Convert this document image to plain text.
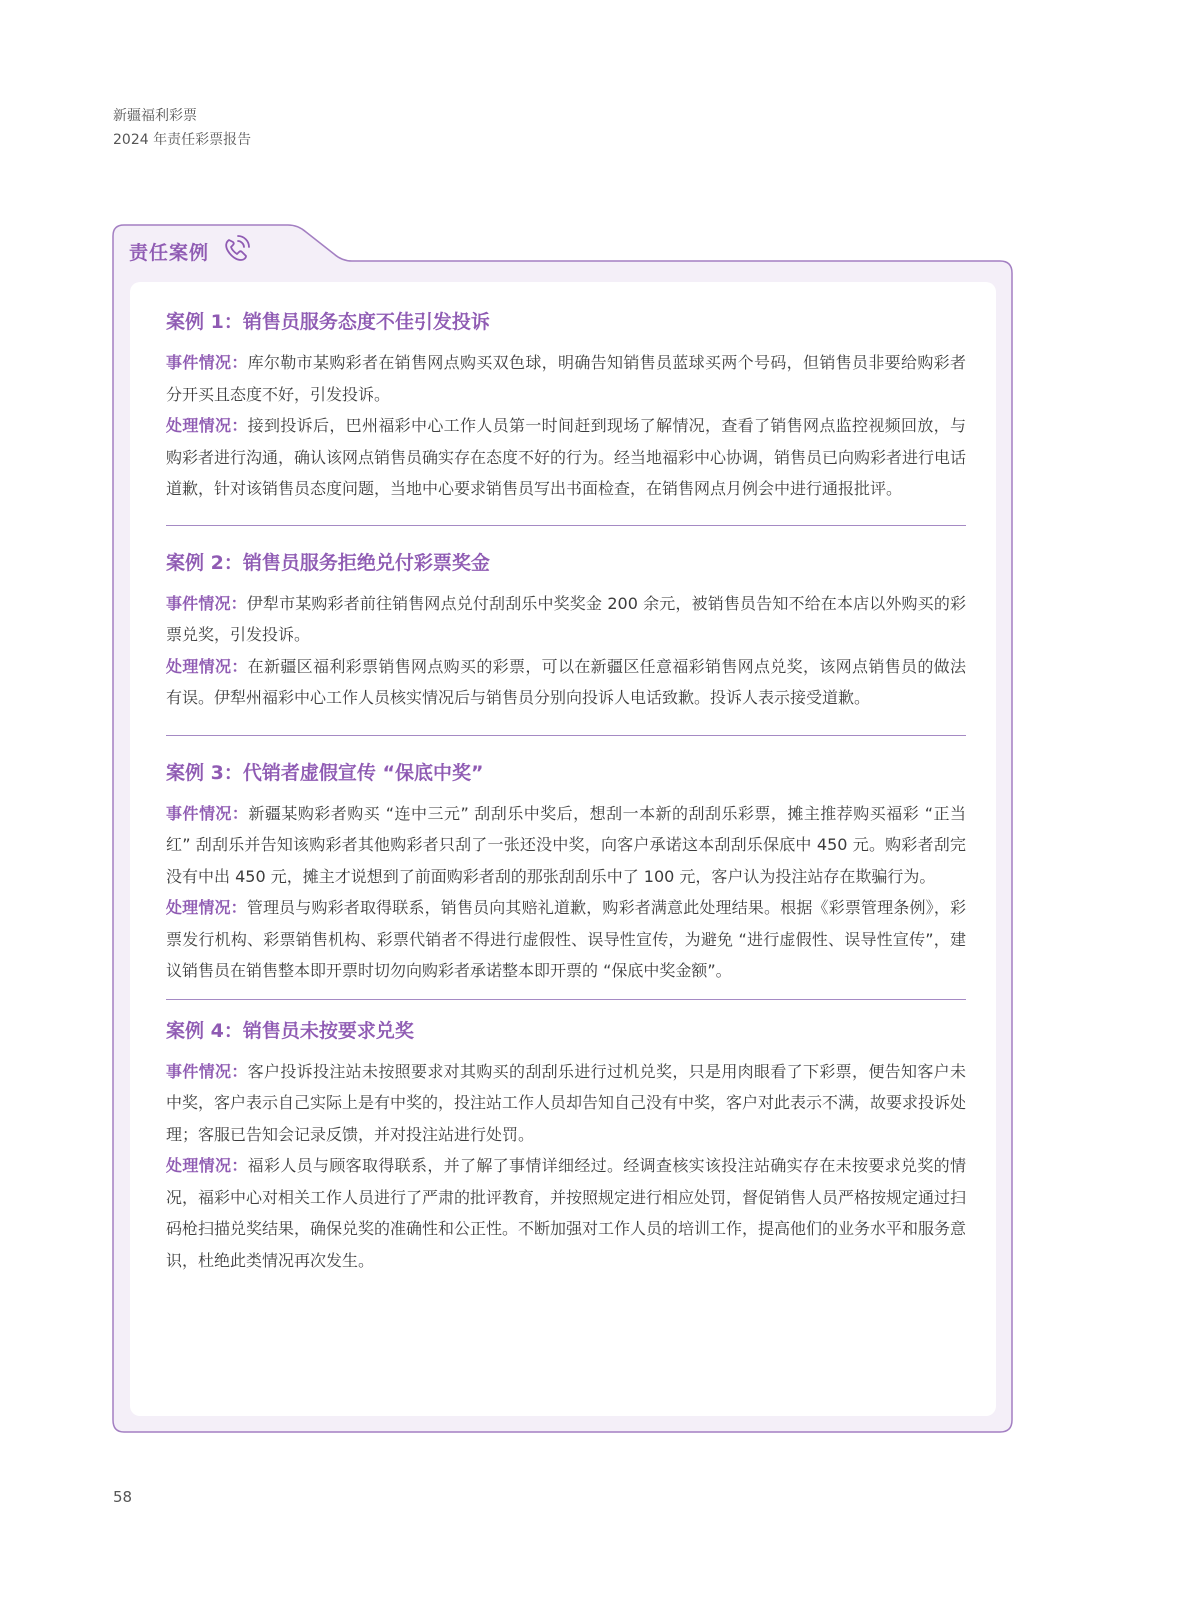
新疆福利彩票
2024 年责任彩票报告
责任案例
案例 1：销售员服务态度不佳引发投诉

事件情况：库尔勒市某购彩者在销售网点购买双色球，明确告知销售员蓝球买两个号码，但销售员非要给购彩者分开买且态度不好，引发投诉。

处理情况：接到投诉后，巴州福彩中心工作人员第一时间赶到现场了解情况，查看了销售网点监控视频回放，与购彩者进行沟通，确认该网点销售员确实存在态度不好的行为。经当地福彩中心协调，销售员已向购彩者进行电话道歉，针对该销售员态度问题，当地中心要求销售员写出书面检查，在销售网点月例会中进行通报批评。

案例 2：销售员服务拒绝兑付彩票奖金

事件情况：伊犁市某购彩者前往销售网点兑付刮刮乐中奖奖金 200 余元，被销售员告知不给在本店以外购买的彩票兑奖，引发投诉。

处理情况：在新疆区福利彩票销售网点购买的彩票，可以在新疆区任意福彩销售网点兑奖，该网点销售员的做法有误。伊犁州福彩中心工作人员核实情况后与销售员分别向投诉人电话致歉。投诉人表示接受道歉。

案例 3：代销者虚假宣传 “保底中奖”

事件情况：新疆某购彩者购买 “连中三元” 刮刮乐中奖后，想刮一本新的刮刮乐彩票，摊主推荐购买福彩 “正当红” 刮刮乐并告知该购彩者其他购彩者只刮了一张还没中奖，向客户承诺这本刮刮乐保底中 450 元。购彩者刮完没有中出 450 元，摊主才说想到了前面购彩者刮的那张刮刮乐中了 100 元，客户认为投注站存在欺骗行为。

处理情况：管理员与购彩者取得联系，销售员向其赔礼道歉，购彩者满意此处理结果。根据《彩票管理条例》，彩票发行机构、彩票销售机构、彩票代销者不得进行虚假性、误导性宣传，为避免 “进行虚假性、误导性宣传”，建议销售员在销售整本即开票时切勿向购彩者承诺整本即开票的 “保底中奖金额”。

案例 4：销售员未按要求兑奖

事件情况：客户投诉投注站未按照要求对其购买的刮刮乐进行过机兑奖，只是用肉眼看了下彩票，便告知客户未中奖，客户表示自己实际上是有中奖的，投注站工作人员却告知自己没有中奖，客户对此表示不满，故要求投诉处理；客服已告知会记录反馈，并对投注站进行处罚。

处理情况：福彩人员与顾客取得联系，并了解了事情详细经过。经调查核实该投注站确实存在未按要求兑奖的情况，福彩中心对相关工作人员进行了严肃的批评教育，并按照规定进行相应处罚，督促销售人员严格按规定通过扫码枪扫描兑奖结果，确保兑奖的准确性和公正性。不断加强对工作人员的培训工作，提高他们的业务水平和服务意识，杜绝此类情况再次发生。

58
